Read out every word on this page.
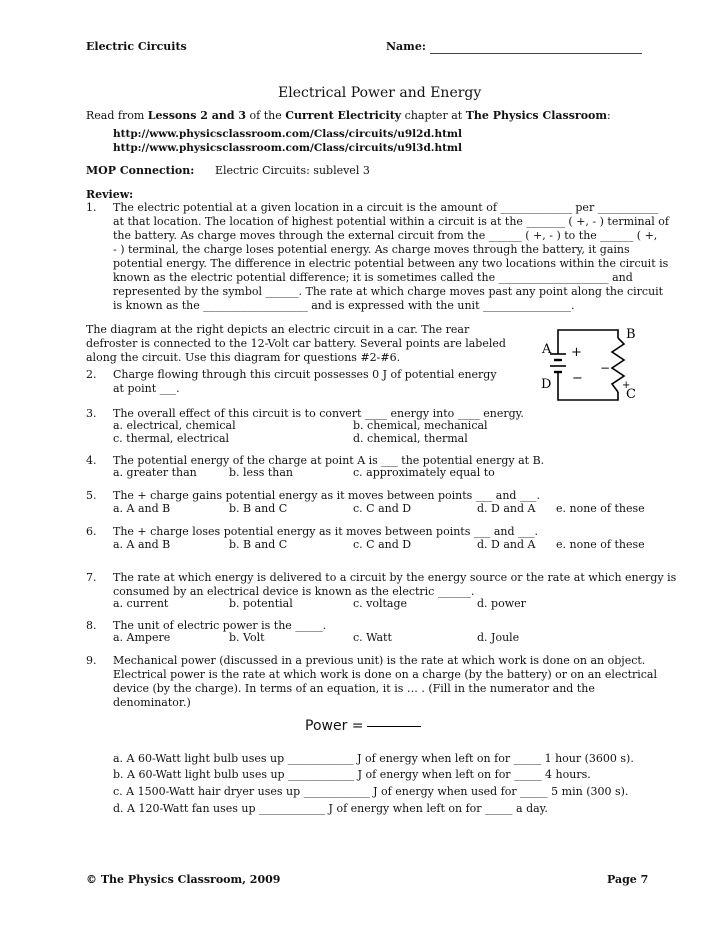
Electric Circuits	Name:
Electrical Power and Energy
Read from Lessons 2 and 3 of the Current Electricity chapter at The Physics Classroom:
http://www.physicsclassroom.com/Class/circuits/u9l2d.html
http://www.physicsclassroom.com/Class/circuits/u9l3d.html
MOP Connection: Electric Circuits: sublevel 3
Review:
1. The electric potential at a given location in a circuit is the amount of _____________ per ___________
at that location. The location of highest potential within a circuit is at the _______ ( +, - ) terminal of
the battery. As charge moves through the external circuit from the ______ ( +, - ) to the ______ ( +,
- ) terminal, the charge loses potential energy. As charge moves through the battery, it gains
potential energy. The difference in electric potential between any two locations within the circuit is
known as the electric potential difference; it is sometimes called the ____________________ and
represented by the symbol ______. The rate at which charge moves past any point along the circuit
is known as the ___________________ and is expressed with the unit ________________.
The diagram at the right depicts an electric circuit in a car. The rear
defroster is connected to the 12-Volt car battery. Several points are labeled
along the circuit. Use this diagram for questions #2-#6.
A
B
C
D
+
−	+
−
2. Charge flowing through this circuit possesses 0 J of potential energy
at point ___.
3. The overall effect of this circuit is to convert ____ energy into ____ energy.
a. electrical, chemical	b. chemical, mechanical
c. thermal, electrical	d. chemical, thermal
4. The potential energy of the charge at point A is ___ the potential energy at B.
a. greater than	b. less than	c. approximately equal to
5. The + charge gains potential energy as it moves between points ___ and ___.
a. A and B	b. B and C	c. C and D	d. D and A e. none of these
6. The + charge loses potential energy as it moves between points ___ and ___.
a. A and B	b. B and C	c. C and D	d. D and A e. none of these
7. The rate at which energy is delivered to a circuit by the energy source or the rate at which energy is
consumed by an electrical device is known as the electric ______.
a. current	b. potential	c. voltage	d. power
8. The unit of electric power is the _____.
a. Ampere	b. Volt	c. Watt	d. Joule
9. Mechanical power (discussed in a previous unit) is the rate at which work is done on an object.
Electrical power is the rate at which work is done on a charge (by the battery) or on an electrical
device (by the charge). In terms of an equation, it is … . (Fill in the numerator and the
denominator.)
Power =
a. A 60-Watt light bulb uses up ____________ J of energy when left on for _____ 1 hour (3600 s).
b. A 60-Watt light bulb uses up ____________ J of energy when left on for _____ 4 hours.
c. A 1500-Watt hair dryer uses up ____________ J of energy when used for _____ 5 min (300 s).
d. A 120-Watt fan uses up ____________ J of energy when left on for _____ a day.
© The Physics Classroom, 2009	Page 7
